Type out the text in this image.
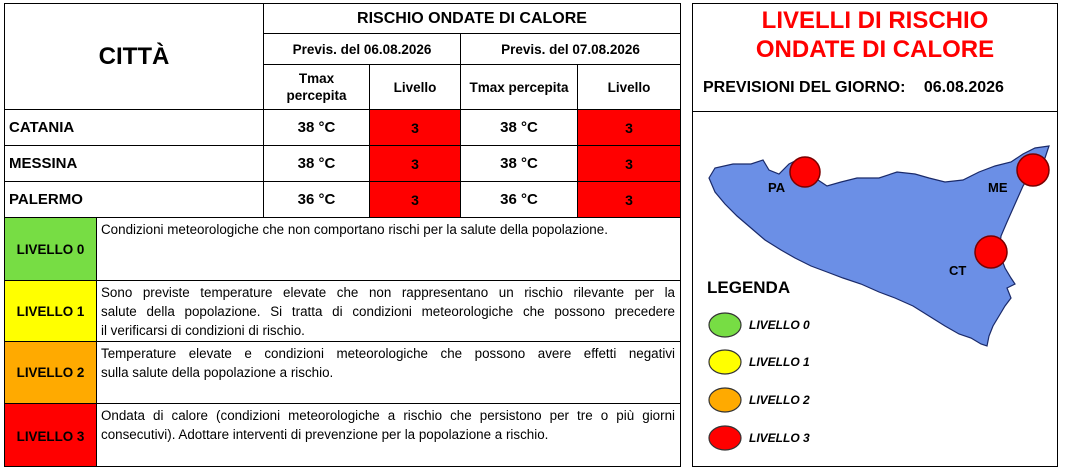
CITTÀ
RISCHIO ONDATE DI CALORE
Previs. del 06.08.2026	Previs. del 07.08.2026
Tmax percepita
Livello	Tmax percepita	Livello
CATANIA	38 °C	3	38 °C	3
MESSINA	38 °C	3	38 °C	3
PALERMO	36 °C	3	36 °C	3
LIVELLO 0
Condizioni meteorologiche che non comportano rischi per la salute della popolazione.
LIVELLO 1
Sono previste temperature elevate che non rappresentano un rischio rilevante per la
salute della popolazione. Si tratta di condizioni meteorologiche che possono precedere
il verificarsi di condizioni di rischio.
LIVELLO 2
Temperature elevate e condizioni meteorologiche che possono avere effetti negativi
sulla salute della popolazione a rischio.
LIVELLO 3
Ondata di calore (condizioni meteorologiche a rischio che persistono per tre o più giorni
consecutivi). Adottare interventi di prevenzione per la popolazione a rischio.
LIVELLI DI RISCHIO
ONDATE DI CALORE
PREVISIONI DEL GIORNO: 06.08.2026
PA	ME
CT
LEGENDA
LIVELLO 0
LIVELLO 1
LIVELLO 2
LIVELLO 3
